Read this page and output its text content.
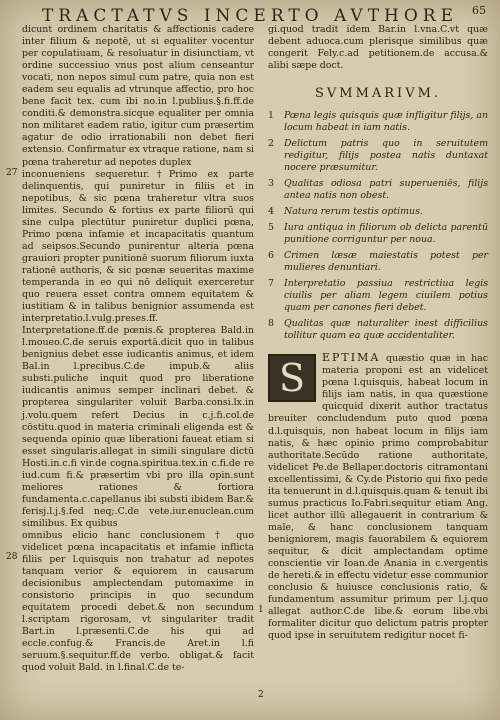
TRACTATVS INCERTO AVTHORE 65
dicunt ordinem charitatis & affectionis cadere inter filium & nepotē, ut si equaliter vocentur per copulatiuam, & resoluatur in disiunctiam, vt ordine successiuo vnus post alium censeantur vocati, non nepos simul cum patre, quia non est eadem seu equalis ad vtrunque affectio, pro hoc bene facit tex. cum ibi no.in l.publius.§.fi.ff.de conditi.& demonstra.sicque equaliter per omnia non militaret eadem ratio, igitur cum præsertim agatur de odio irrationabili non debet fieri extensio. Confirmatur ex vtraque ratione, nam si pœna traheretur ad nepotes duplex
inconueniens sequeretur.†Primo ex parte delinquentis, qui puniretur in filiis et in nepotibus, & sic pœna traheretur vltra suos limites. Secundo & fortius ex parte filiorū qui sine culpa plectūtur puniretur duplici pœna, Primo pœna infamie et incapacitatis quantum ad seipsos.Secundo punirentur alteria pœna grauiori propter punitionē suorum filiorum iuxta rationē authoris, & sic pœnæ seueritas maxime temperanda in eo qui nō deliquit exerceretur quo reuera esset contra omnem equitatem & iustitiam & in talibus benignior assumenda est interpretatio.l.vulg.preses.ff. Interpretatione.ff.de pœnis.& propterea Bald.in l.moueo.C.de seruis exportā.dicit quo in talibus benignius debet esse iudicantis animus, et idem Bal.in l.precibus.C.de impub.& aliis substi.puliche inquit quod pro liberatione iudicantis animus semper inclinari debet. & propterea singulariter voluit Barba.consi.lx.in j.volu.quem refert Decius in c.j.fi.col.de cōstitu.quod in materia criminali eligenda est & sequenda opinio quæ liberationi faueat etiam si esset singularis.allegat in simili singulare dictū Hosti.in.c.fi vir.de cogna.spiritua.tex.in c.fi.de re iud.cum fi.& præsertim vbi pro illa opin.sunt meliores rationes & fortiora fundamenta.c.capellanus ibi substi ibidem Bar.& ferisj.l.j.§.fed neq;.C.de vete.iur.enuclean.cum similibus. Ex quibus
omnibus elicio hanc conclusionem † quo videlicet pœna incapacitatis et infamie inflicta filiis per l.quisquis non trahatur ad nepotes tanquam verior & equiorem in causarum decisionibus amplectendam putomaxime in consistorio principis in quo secundum equitatem procedi debet.& non secundum l.scriptam rigorosam, vt singulariter tradit Bart.in l.præsenti.C.de his qui ad eccle.confug.& Francis.de Aret.in l.fi seruum.§.sequitur.ff.de verbo. obligat.& facit quod voluit Bald. in l.final.C.de te-
27
28
gi.quod tradit idem Bar.in l.vna.C.vt quæ debent aduoca.cum plerisque similibus quæ congerit Fely.c.ad petitionem.de accusa.& alibi sæpe doct.
SVMMARIVM.
1 Pœna legis quisquis quæ infligitur filijs, an locum habeat in iam natis.
2 Delictum patris quo in seruitutem redigitur, filijs postea natis duntaxat nocere præsumitur.
3 Qualitas odiosa patri superueniēs, filijs antea natis non obest.
4 Natura rerum testis optimus.
5 Iura antiqua in filiorum ob delicta parentū punitione corriguntur per noua.
6 Crimen læsæ maiestatis potest per mulieres denuntiari.
7 Interpretatio passiua restrictiua legis ciuilis per aliam legem ciuilem potius quam per canones fieri debet.
8 Qualitas quæ naturaliter inest difficilius tollitur quam ea quæ accidentaliter.
S	EPTIMA quæstio quæ in hac materia proponi est an videlicet pœna l.quisquis, habeat locum in filijs iam natis, in qua quæstione quicquid dixerit author tractatus breuiter concludendum puto quod pœna d.l.quisquis, non habeat locum in filijs iam natis, & hæc opinio primo comprobabitur authoritate.Secūdo ratione authoritate, videlicet Pe.de Bellaper.doctoris citramontani excellentissimi, & Cy.de Pistorio qui fixo pede ita tenuerunt in d.l.quisquis.quam & tenuit ibi sumus practicus Io.Fabri.sequitur etiam Ang. licet author illū allegauerit in contrarium & male, & hanc conclusionem tanquam benigniorem, magis fauorabilem & equiorem sequitur, & dicit amplectandam optime conscientie vir Ioan.de Anania in c.vergentis de hereti.& in effectu videtur esse communior conclusio & huiusce conclusionis ratio, & fundamentum assumitur primum per l.j.quo allegat author.C.de libe.& eorum libe.vbi formaliter dicitur quo delictum patris propter quod ipse in seruitutem redigitur nocet fi-
1
2
